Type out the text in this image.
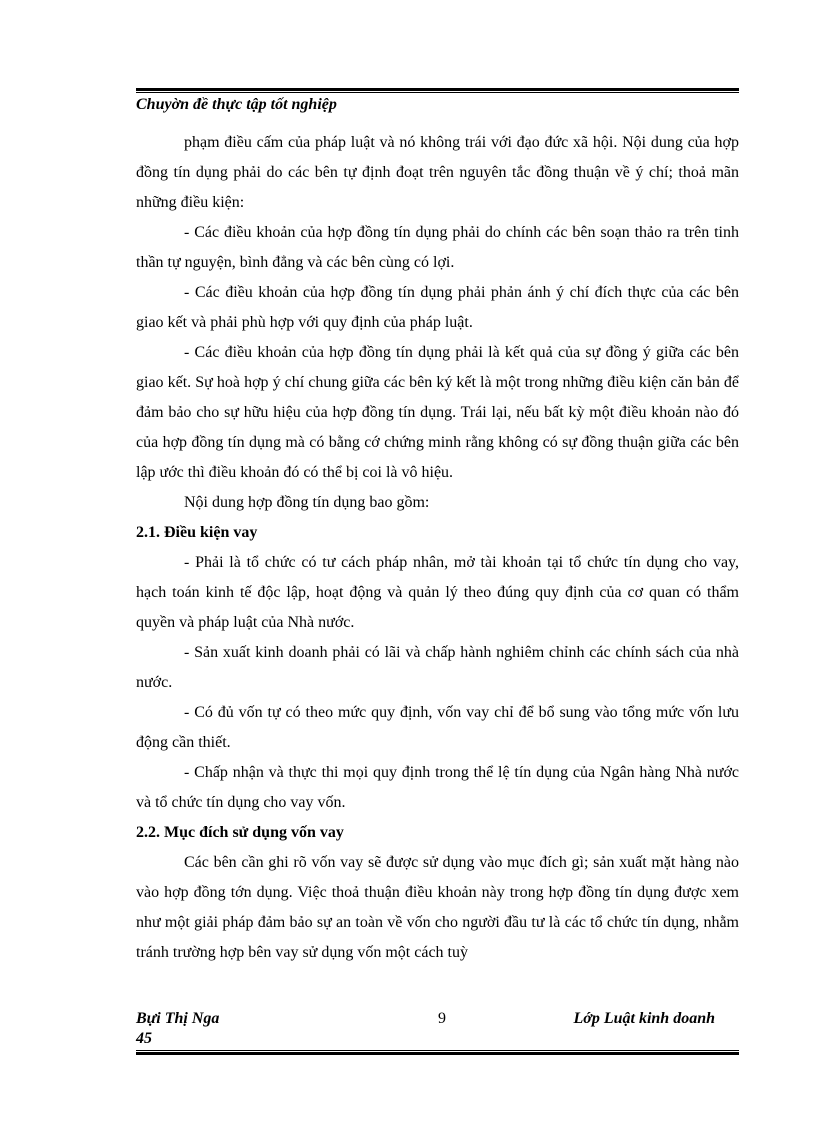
Chuyờn đề thực tập tốt nghiệp

phạm điều cấm của pháp luật và nó không trái với đạo đức xã hội. Nội dung của hợp đồng tín dụng phải do các bên tự định đoạt trên nguyên tắc đồng thuận về ý chí; thoả mãn những điều kiện:

- Các điều khoản của hợp đồng tín dụng phải do chính các bên soạn thảo ra trên tinh thần tự nguyện, bình đẳng và các bên cùng có lợi.

- Các điều khoản của hợp đồng tín dụng phải phản ánh ý chí đích thực của các bên giao kết và phải phù hợp với quy định của pháp luật.

- Các điều khoản của hợp đồng tín dụng phải là kết quả của sự đồng ý giữa các bên giao kết. Sự hoà hợp ý chí chung giữa các bên ký kết là một trong những điều kiện căn bản để đảm bảo cho sự hữu hiệu của hợp đồng tín dụng. Trái lại, nếu bất kỳ một điều khoản nào đó của hợp đồng tín dụng mà có bằng cớ chứng minh rằng không có sự đồng thuận giữa các bên lập ước thì điều khoản đó có thể bị coi là vô hiệu.

Nội dung hợp đồng tín dụng bao gồm:

2.1. Điều kiện vay

- Phải là tổ chức có tư cách pháp nhân, mở tài khoản tại tổ chức tín dụng cho vay, hạch toán kinh tế độc lập, hoạt động và quản lý theo đúng quy định của cơ quan có thẩm quyền và pháp luật của Nhà nước.

- Sản xuất kinh doanh phải có lãi và chấp hành nghiêm chỉnh các chính sách của nhà nước.

- Có đủ vốn tự có theo mức quy định, vốn vay chỉ để bổ sung vào tổng mức vốn lưu động cần thiết.

- Chấp nhận và thực thi mọi quy định trong thể lệ tín dụng của Ngân hàng Nhà nước và tổ chức tín dụng cho vay vốn.

2.2. Mục đích sử dụng vốn vay

Các bên cần ghi rõ vốn vay sẽ được sử dụng vào mục đích gì; sản xuất mặt hàng nào vào hợp đồng tớn dụng. Việc thoả thuận điều khoản này trong hợp đồng tín dụng được xem như một giải pháp đảm bảo sự an toàn về vốn cho người đầu tư là các tổ chức tín dụng, nhằm tránh trường hợp bên vay sử dụng vốn một cách tuỳ

Bựi Thị Nga
45
9	Lớp Luật kinh doanh
